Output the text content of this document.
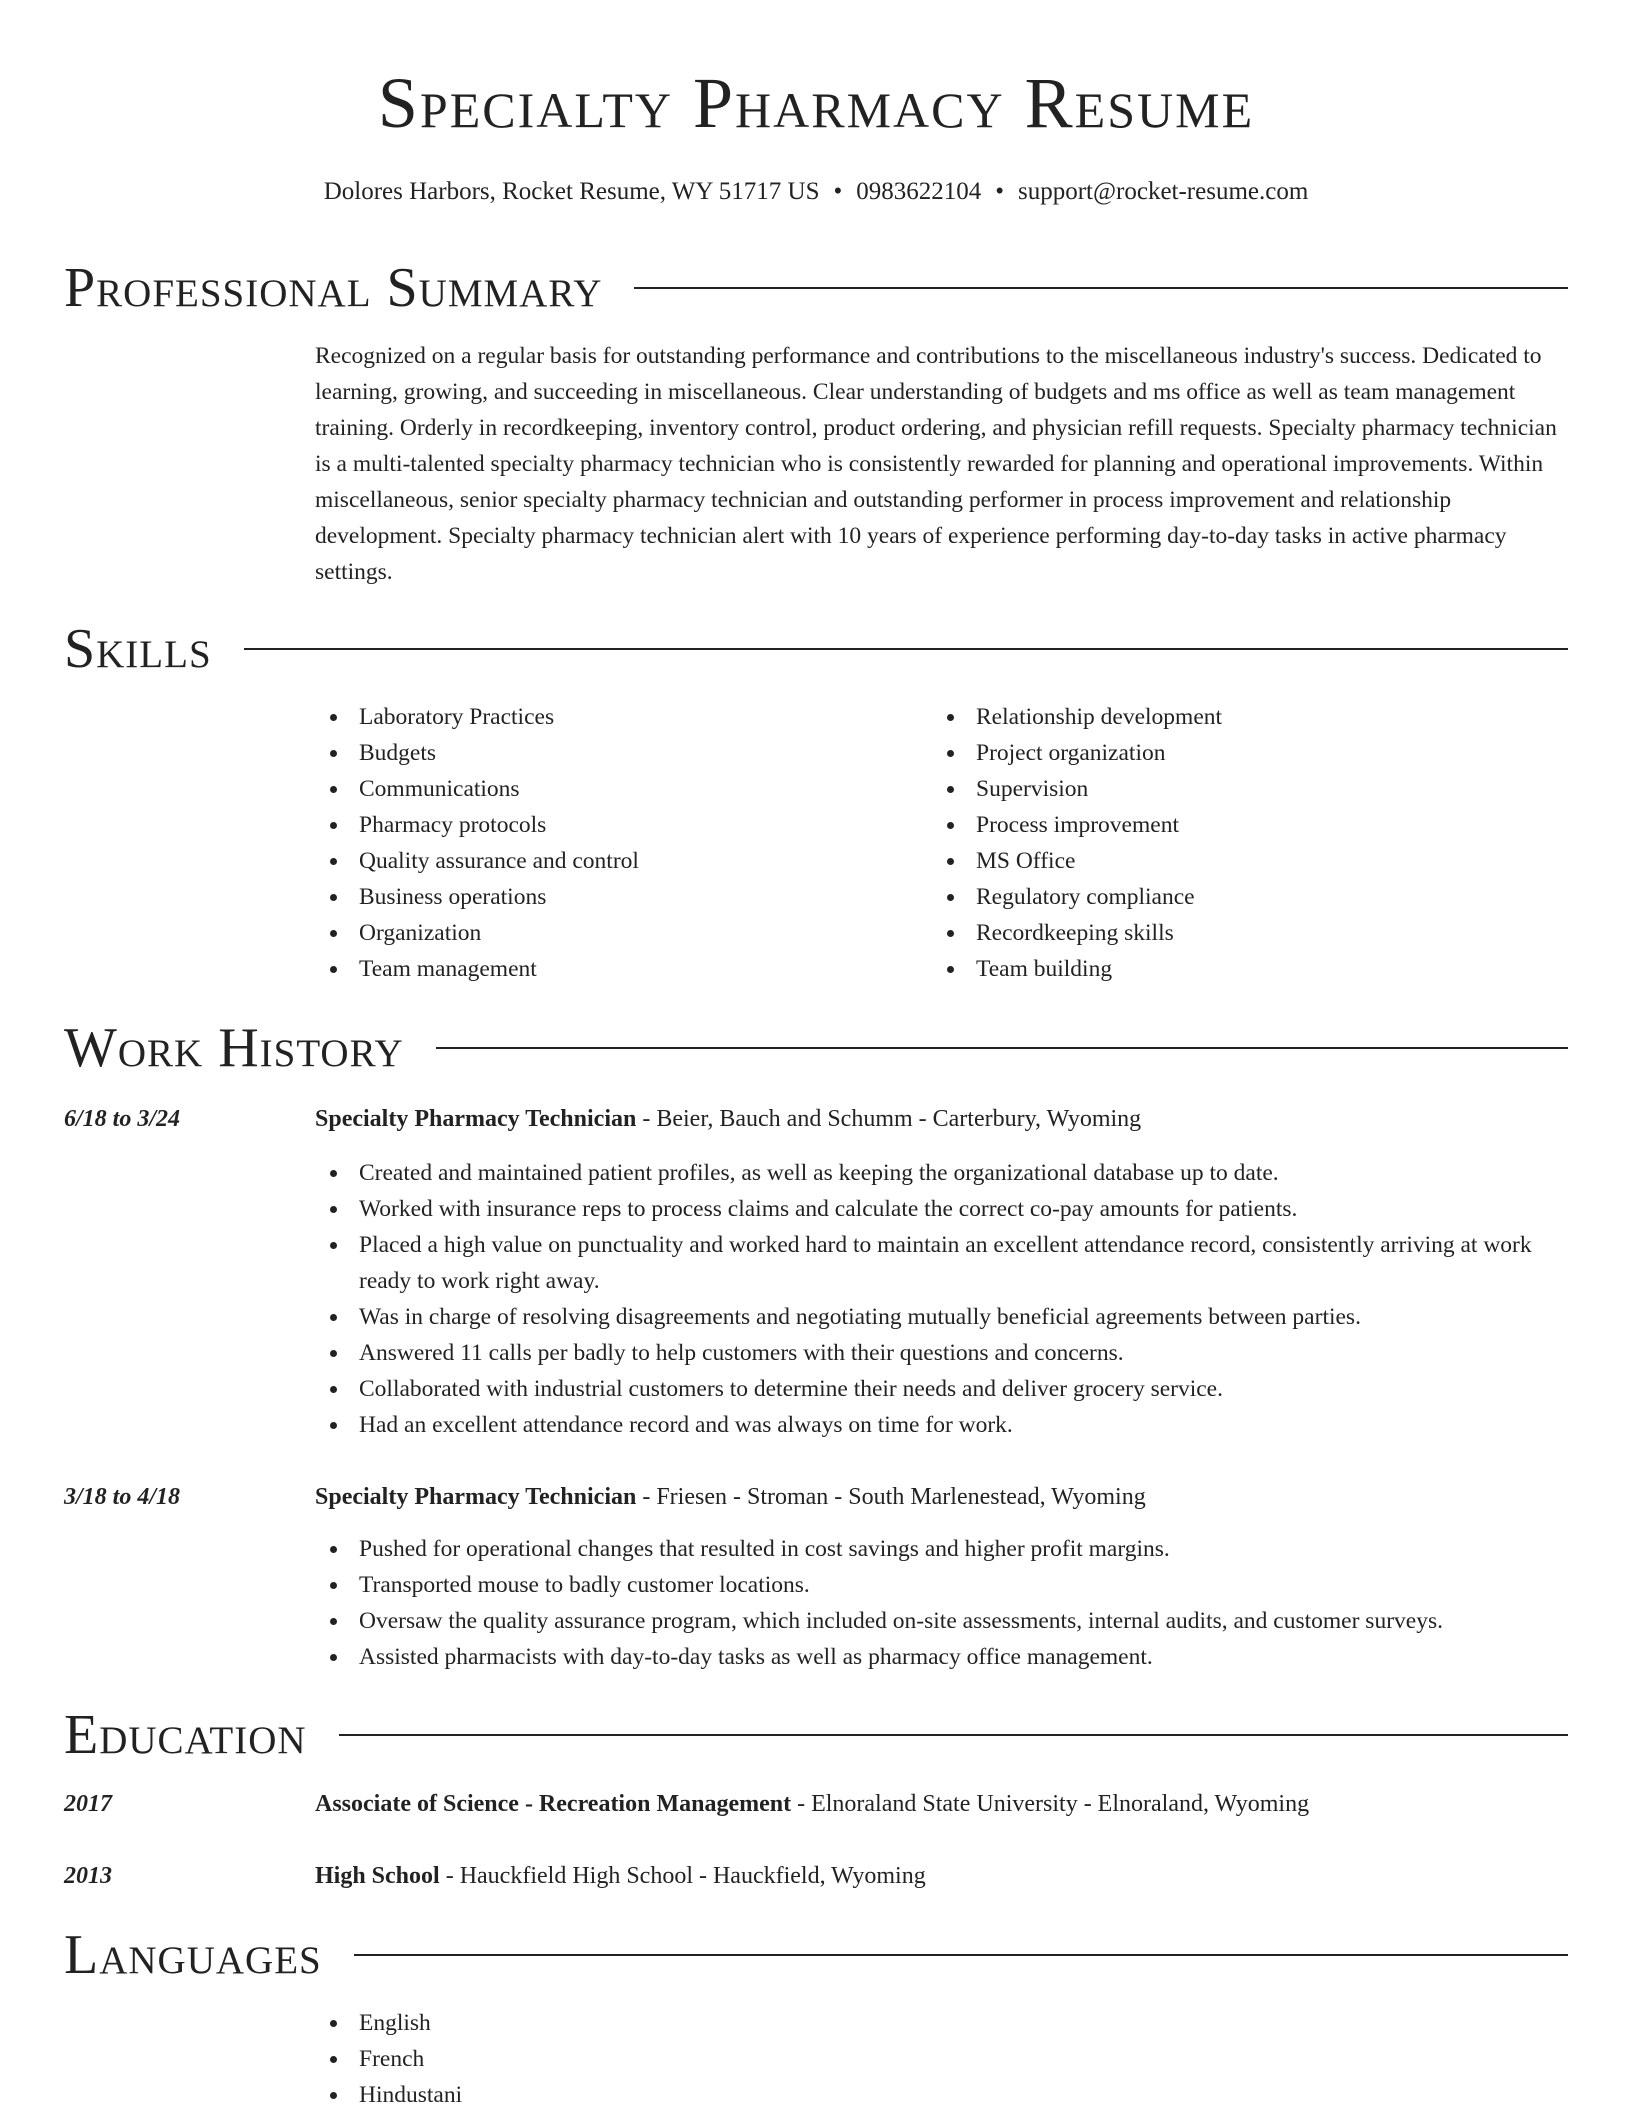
Specialty Pharmacy Resume
Dolores Harbors, Rocket Resume, WY 51717 US • 0983622104 • support@rocket-resume.com
Professional Summary

Recognized on a regular basis for outstanding performance and contributions to the miscellaneous industry's success. Dedicated to learning, growing, and succeeding in miscellaneous. Clear understanding of budgets and ms office as well as team management training. Orderly in recordkeeping, inventory control, product ordering, and physician refill requests. Specialty pharmacy technician is a multi-talented specialty pharmacy technician who is consistently rewarded for planning and operational improvements. Within miscellaneous, senior specialty pharmacy technician and outstanding performer in process improvement and relationship development. Specialty pharmacy technician alert with 10 years of experience performing day-to-day tasks in active pharmacy settings.

Skills
Laboratory Practices
Budgets
Communications
Pharmacy protocols
Quality assurance and control
Business operations
Organization
Team management
Relationship development
Project organization
Supervision
Process improvement
MS Office
Regulatory compliance
Recordkeeping skills
Team building
Work History
6/18 to 3/24	Specialty Pharmacy Technician - Beier, Bauch and Schumm - Carterbury, Wyoming
Created and maintained patient profiles, as well as keeping the organizational database up to date.
Worked with insurance reps to process claims and calculate the correct co-pay amounts for patients.
Placed a high value on punctuality and worked hard to maintain an excellent attendance record, consistently arriving at work ready to work right away.
Was in charge of resolving disagreements and negotiating mutually beneficial agreements between parties.
Answered 11 calls per badly to help customers with their questions and concerns.
Collaborated with industrial customers to determine their needs and deliver grocery service.
Had an excellent attendance record and was always on time for work.
3/18 to 4/18	Specialty Pharmacy Technician - Friesen - Stroman - South Marlenestead, Wyoming
Pushed for operational changes that resulted in cost savings and higher profit margins.
Transported mouse to badly customer locations.
Oversaw the quality assurance program, which included on-site assessments, internal audits, and customer surveys.
Assisted pharmacists with day-to-day tasks as well as pharmacy office management.
Education
2017	Associate of Science - Recreation Management - Elnoraland State University - Elnoraland, Wyoming
2013	High School - Hauckfield High School - Hauckfield, Wyoming
Languages
English
French
Hindustani
